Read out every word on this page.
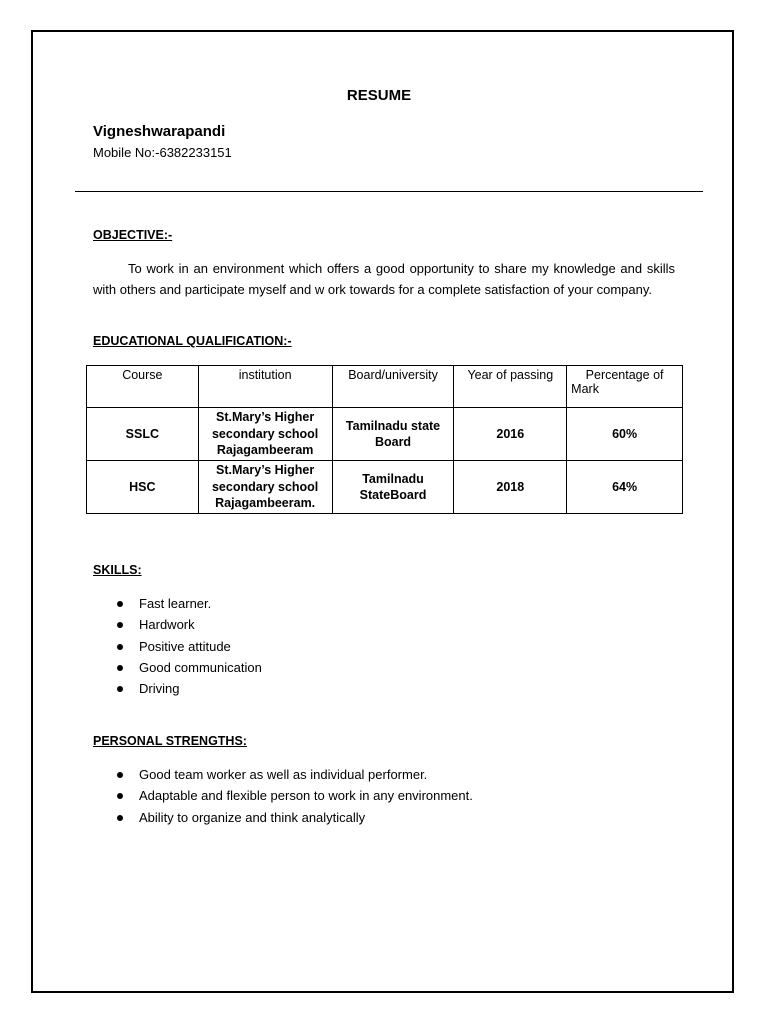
RESUME
Vigneshwarapandi
Mobile No:-6382233151
OBJECTIVE:-
To work in an environment which offers a good opportunity to share my knowledge and skills with others and participate myself and w ork towards for a complete satisfaction of your company.
EDUCATIONAL QUALIFICATION:-
Course	institution	Board/university	Year of passing	Percentage of Mark
SSLC	St.Mary’s Higher secondary school Rajagambeeram	Tamilnadu state Board	2016	60%
HSC	St.Mary’s Higher secondary school Rajagambeeram.	Tamilnadu StateBoard	2018	64%
SKILLS:
Fast learner.
Hardwork
Positive attitude
Good communication
Driving
PERSONAL STRENGTHS:
Good team worker as well as individual performer.
Adaptable and flexible person to work in any environment.
Ability to organize and think analytically
